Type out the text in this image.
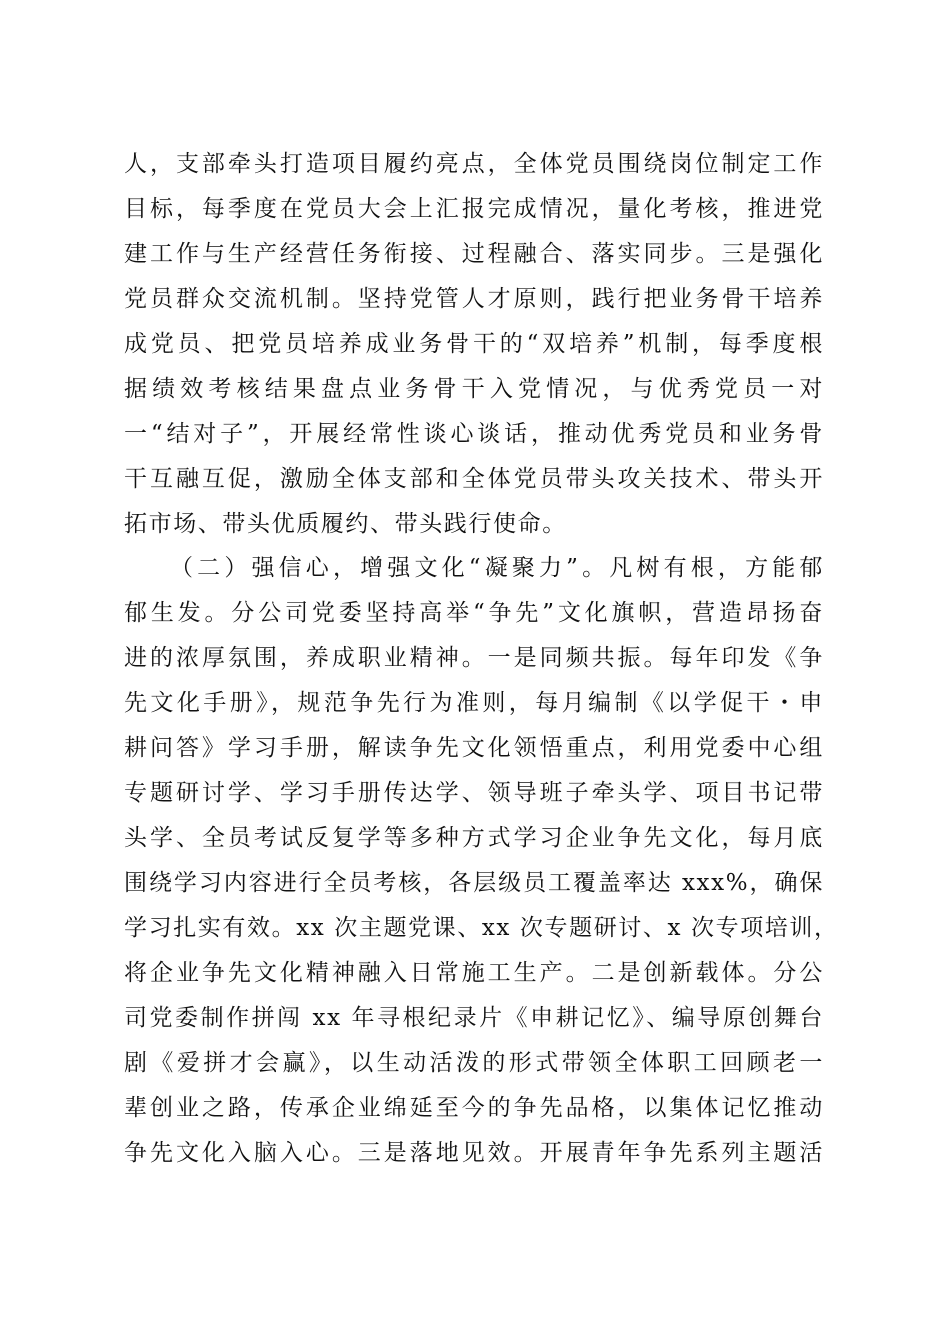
人，支部牵头打造项目履约亮点，全体党员围绕岗位制定工作
目标，每季度在党员大会上汇报完成情况，量化考核，推进党
建工作与生产经营任务衔接、过程融合、落实同步。三是强化
党员群众交流机制。坚持党管人才原则，践行把业务骨干培养
成党员、把党员培养成业务骨干的“双培养”机制，每季度根
据绩效考核结果盘点业务骨干入党情况，与优秀党员一对
一“结对子”，开展经常性谈心谈话，推动优秀党员和业务骨
干互融互促，激励全体支部和全体党员带头攻关技术、带头开
拓市场、带头优质履约、带头践行使命。
（二）强信心，增强文化“凝聚力”。凡树有根，方能郁
郁生发。分公司党委坚持高举“争先”文化旗帜，营造昂扬奋
进的浓厚氛围，养成职业精神。一是同频共振。每年印发《争
先文化手册》，规范争先行为准则，每月编制《以学促干・申
耕问答》学习手册，解读争先文化领悟重点，利用党委中心组
专题研讨学、学习手册传达学、领导班子牵头学、项目书记带
头学、全员考试反复学等多种方式学习企业争先文化，每月底
围绕学习内容进行全员考核，各层级员工覆盖率达 xxx%，确保
学习扎实有效。xx 次主题党课、xx 次专题研讨、x 次专项培训，
将企业争先文化精神融入日常施工生产。二是创新载体。分公
司党委制作拼闯 xx 年寻根纪录片《申耕记忆》、编导原创舞台
剧《爱拼才会赢》，以生动活泼的形式带领全体职工回顾老一
辈创业之路，传承企业绵延至今的争先品格，以集体记忆推动
争先文化入脑入心。三是落地见效。开展青年争先系列主题活
